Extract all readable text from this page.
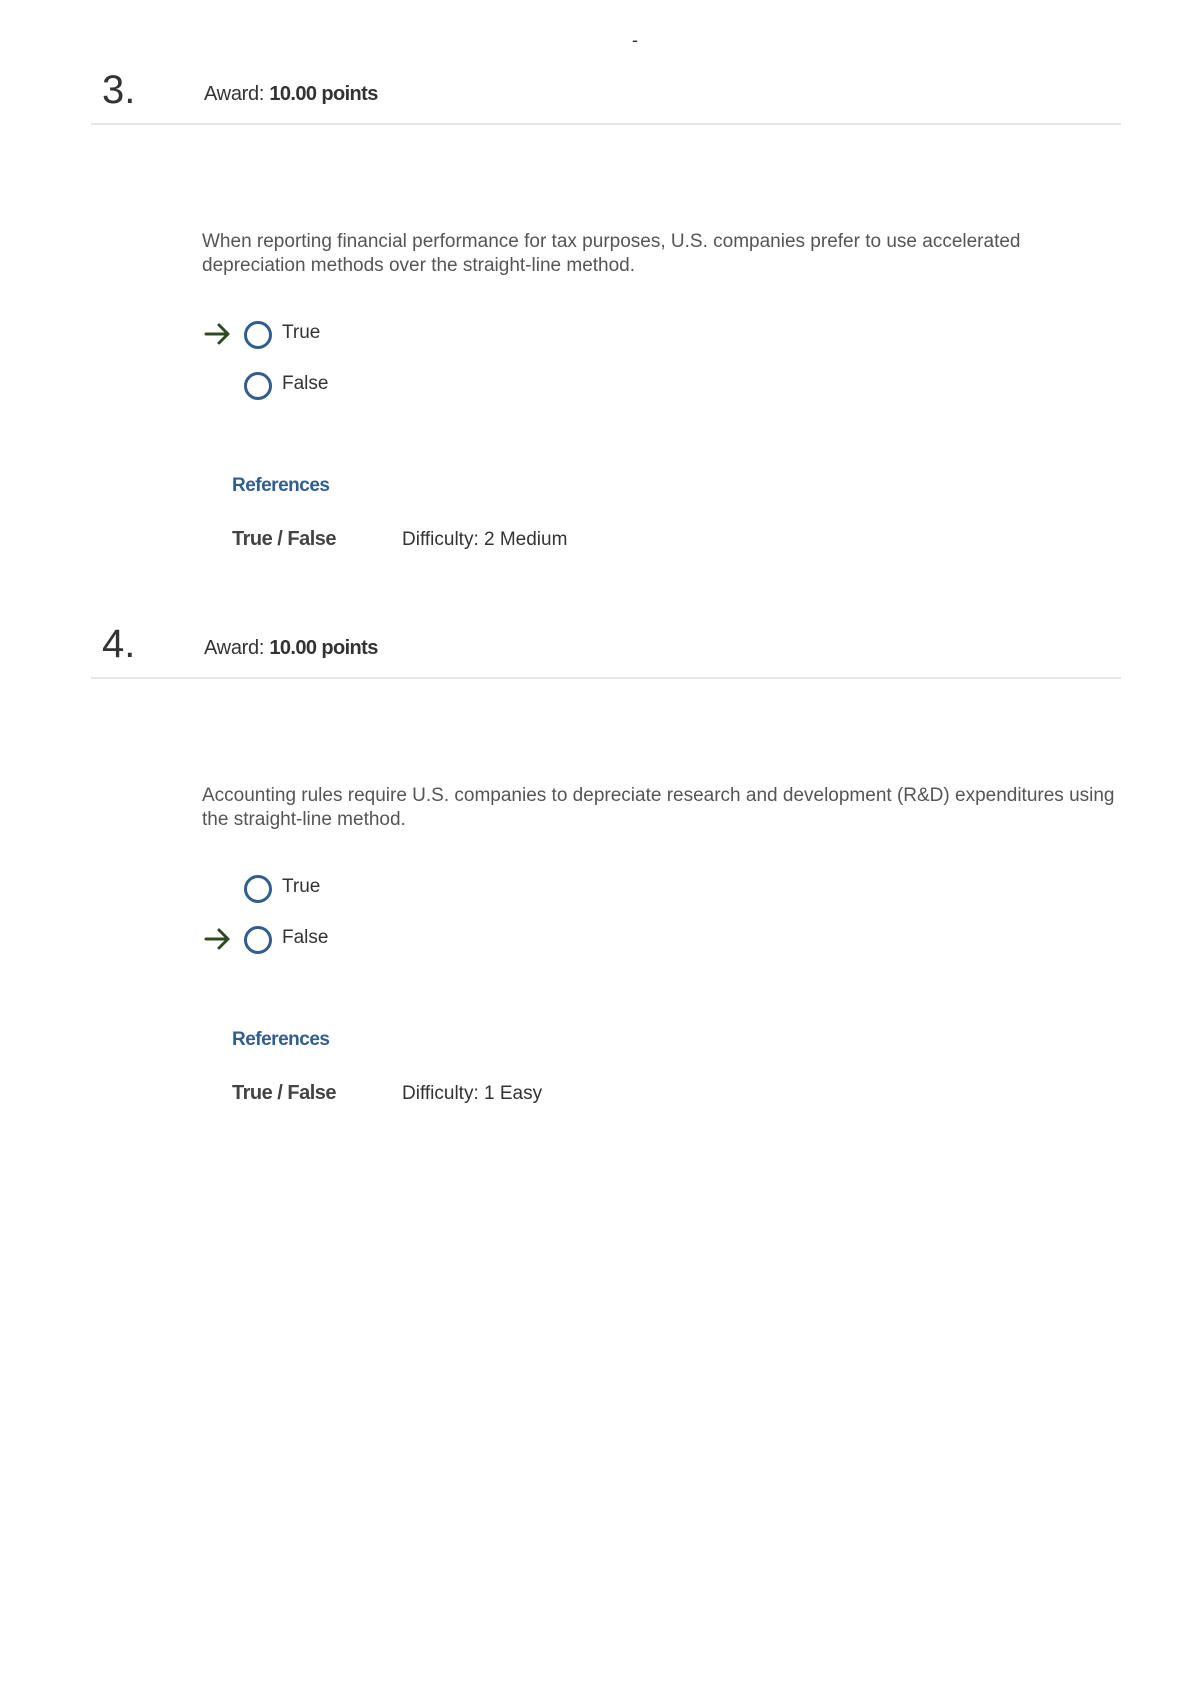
-
3.	Award: 10.00 points
When reporting financial performance for tax purposes, U.S. companies prefer to use accelerated depreciation methods over the straight-line method.
True
False
References
True / False	Difficulty: 2 Medium
4.	Award: 10.00 points
Accounting rules require U.S. companies to depreciate research and development (R&D) expenditures using the straight-line method.
True
False
References
True / False	Difficulty: 1 Easy
